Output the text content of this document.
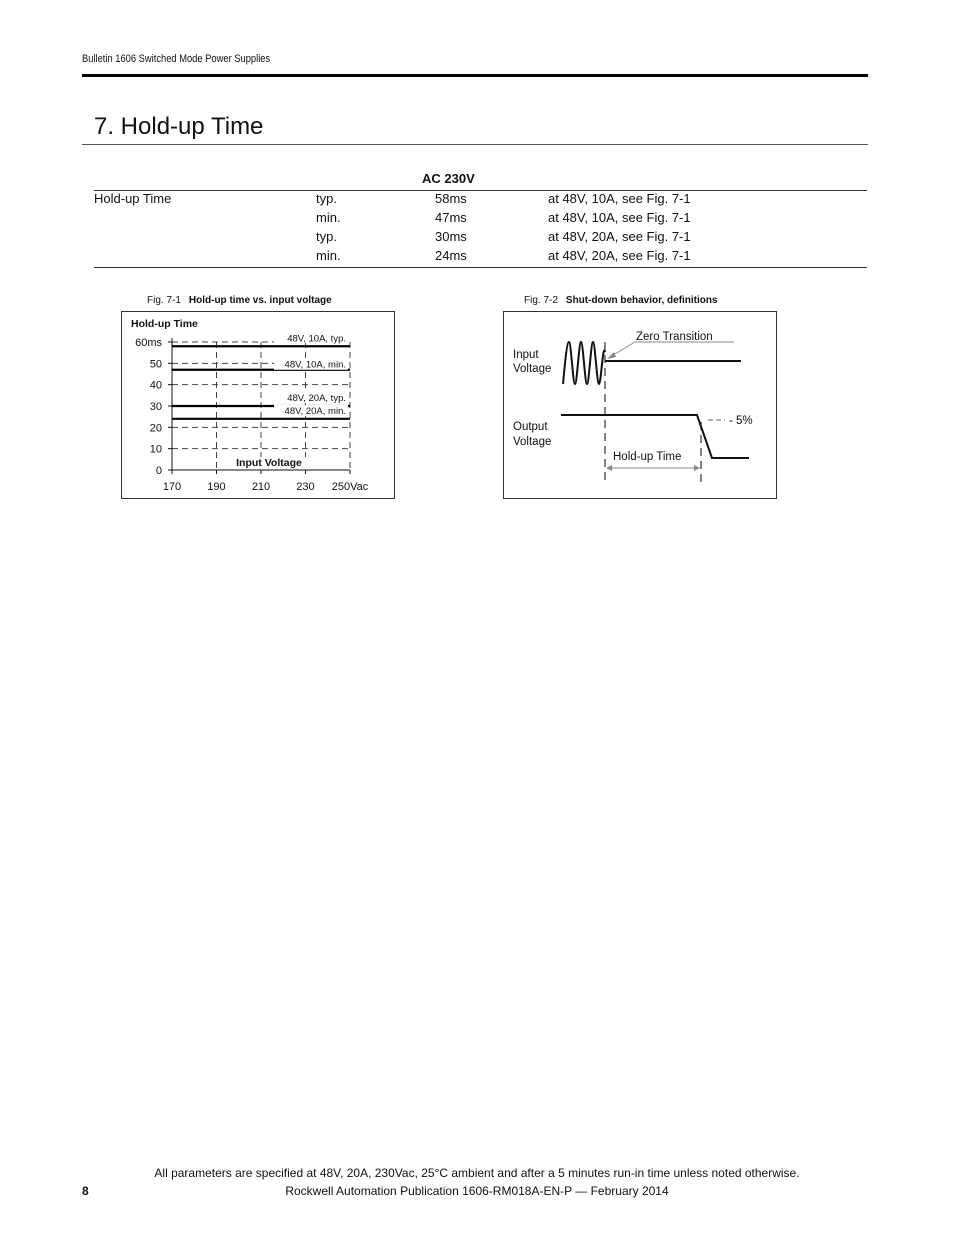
Bulletin 1606 Switched Mode Power Supplies
7. Hold-up Time
AC 230V
Hold-up Time	typ.	58ms	at 48V, 10A, see Fig. 7-1
min.	47ms	at 48V, 10A, see Fig. 7-1
typ.	30ms	at 48V, 20A, see Fig. 7-1
min.	24ms	at 48V, 20A, see Fig. 7-1
Fig. 7-1 Hold-up time vs. input voltage
0
10
20
30
40
50
60ms
170 190 210 230 250Vac
48V, 10A, typ.
48V, 10A, min.
48V, 20A, typ.
48V, 20A, min.
Hold-up Time
Input Voltage
Fig. 7-2 Shut-down behavior, definitions
Zero Transition
- 5%
Hold-up Time
Input
Voltage
Output
Voltage
All parameters are specified at 48V, 20A, 230Vac, 25°C ambient and after a 5 minutes run-in time unless noted otherwise.
8	Rockwell Automation Publication 1606-RM018A-EN-P — February 2014
